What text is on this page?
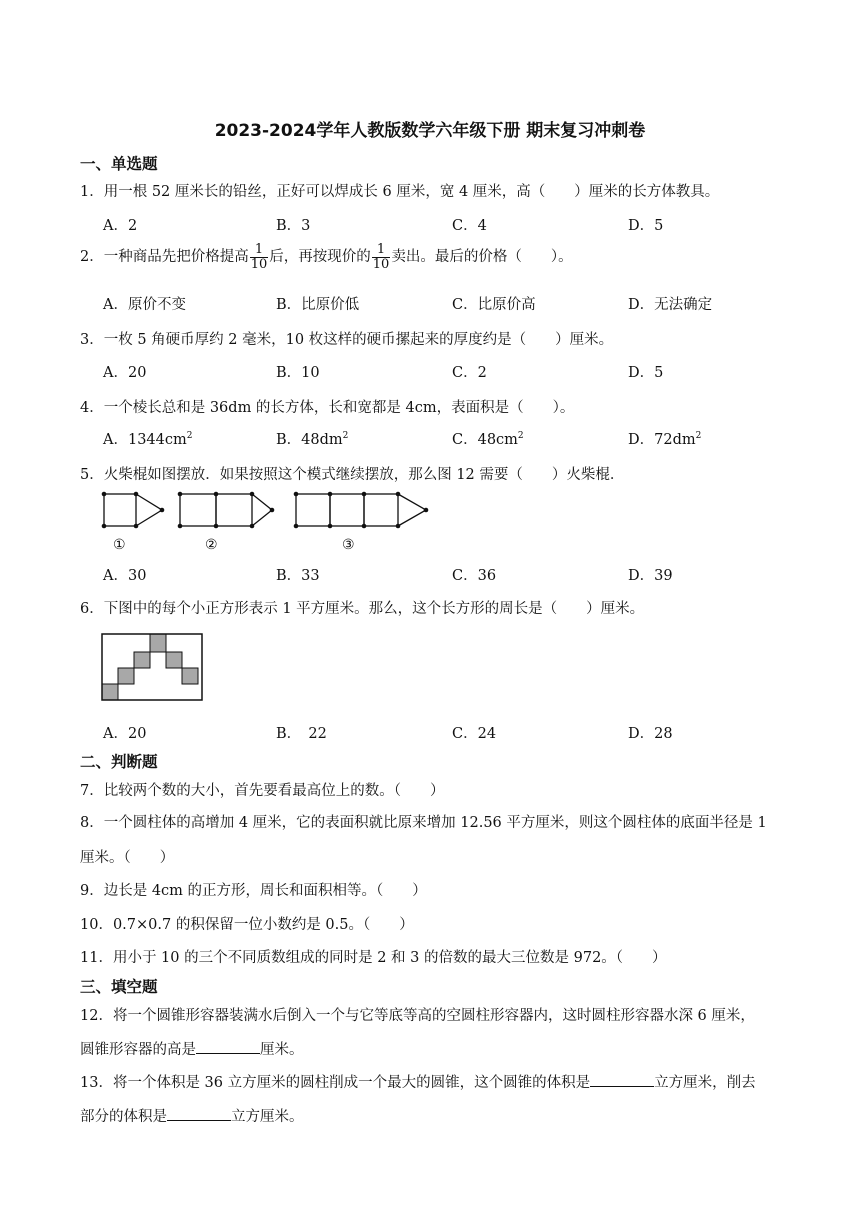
2023-2024学年人教版数学六年级下册 期末复习冲刺卷
一、单选题
1．用一根 52 厘米长的铅丝，正好可以焊成长 6 厘米，宽 4 厘米，高（　　）厘米的长方体教具。
A．2	B．3	C．4	D．5
2．一种商品先把价格提高 $\frac{1}{10}$ 后，再按现价的 $\frac{1}{10}$ 卖出。最后的价格（　　）。
A．原价不变	B．比原价低	C．比原价高	D．无法确定
3．一枚 5 角硬币厚约 2 毫米，10 枚这样的硬币摞起来的厚度约是（　　）厘米。
A．20	B．10	C．2	D．5
4．一个棱长总和是 36dm 的长方体，长和宽都是 4cm，表面积是（　　）。
A．$1344cm^2$	B．$48dm^2$	C．$48cm^2$	D．$72dm^2$
5．火柴棍如图摆放．如果按照这个模式继续摆放，那么图 12 需要（　　）火柴棍．
①	②	③
A．30	B．33	C．36	D．39
6．下图中的每个小正方形表示 1 平方厘米。那么，这个长方形的周长是（　　）厘米。
A．20	B．　22	C．24	D．28
二、判断题
7．比较两个数的大小，首先要看最高位上的数。（　　）
8．一个圆柱体的高增加 4 厘米，它的表面积就比原来增加 12.56 平方厘米，则这个圆柱体的底面半径是 1
厘米。（　　）
9．边长是 4cm 的正方形，周长和面积相等。（　　）
10．0.7×0.7 的积保留一位小数约是 0.5。（　　）
11．用小于 10 的三个不同质数组成的同时是 2 和 3 的倍数的最大三位数是 972。（　　）
三、填空题
12．将一个圆锥形容器装满水后倒入一个与它等底等高的空圆柱形容器内，这时圆柱形容器水深 6 厘米，
圆锥形容器的高是	厘米。
13．将一个体积是 36 立方厘米的圆柱削成一个最大的圆锥，这个圆锥的体积是	立方厘米，削去
部分的体积是	立方厘米。
